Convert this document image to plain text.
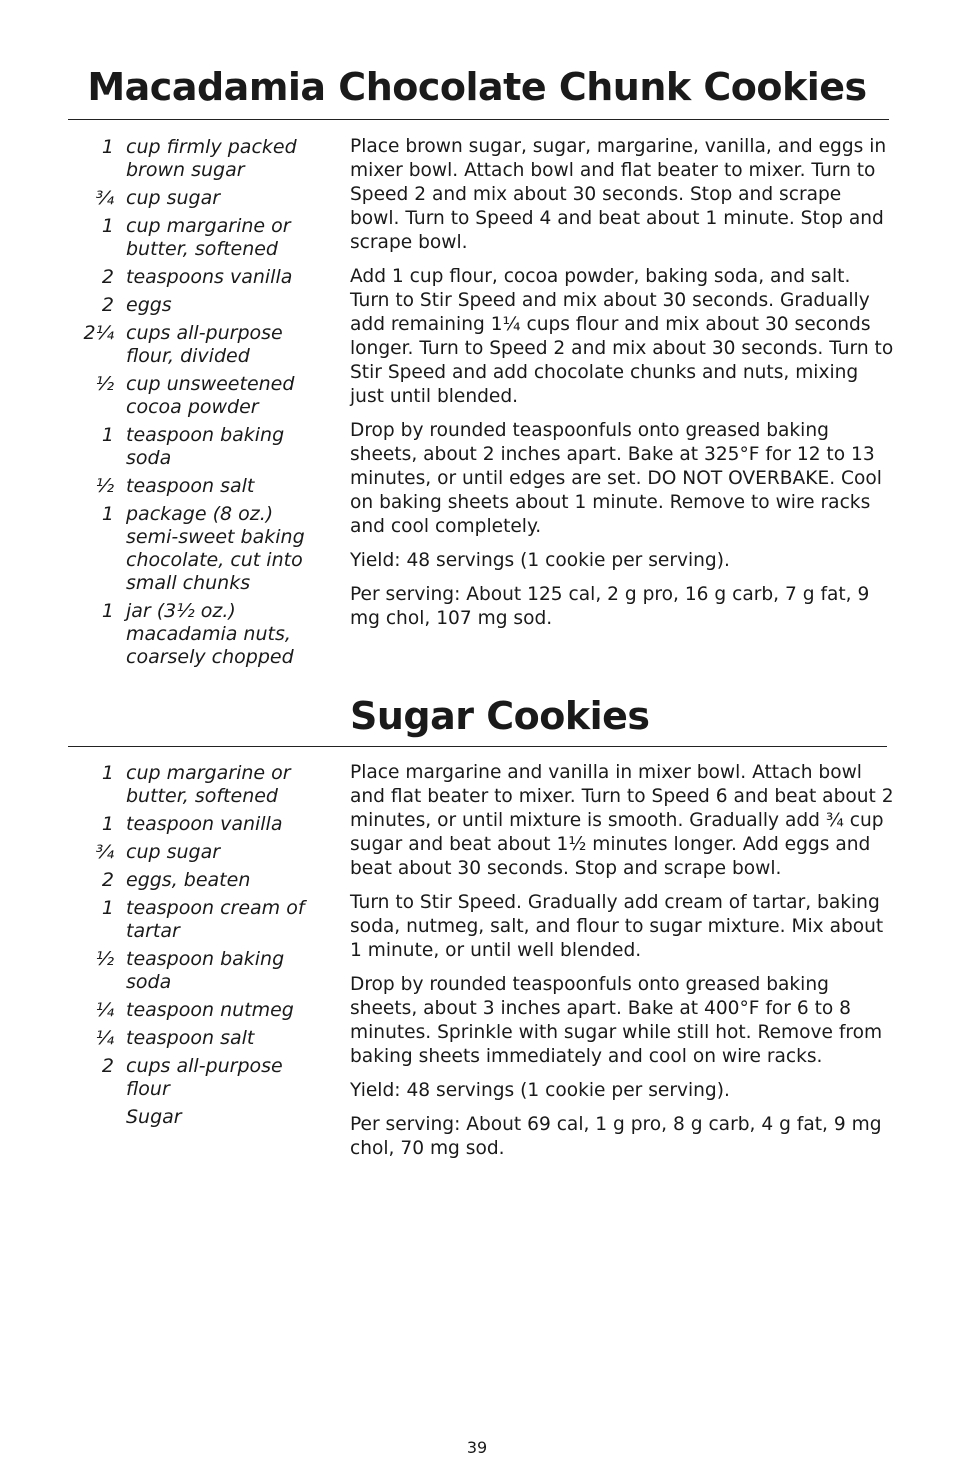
Macadamia Chocolate Chunk Cookies
1 cup firmly packed brown sugar
¾ cup sugar
1 cup margarine or butter, softened
2 teaspoons vanilla
2 eggs
2¼ cups all-purpose flour, divided
½ cup unsweetened cocoa powder
1 teaspoon baking soda
½ teaspoon salt
1 package (8 oz.) semi-sweet baking chocolate, cut into small chunks
1 jar (3½ oz.) macadamia nuts, coarsely chopped

Place brown sugar, sugar, margarine, vanilla, and eggs in mixer bowl. Attach bowl and flat beater to mixer. Turn to Speed 2 and mix about 30 seconds. Stop and scrape bowl. Turn to Speed 4 and beat about 1 minute. Stop and scrape bowl.

Add 1 cup flour, cocoa powder, baking soda, and salt. Turn to Stir Speed and mix about 30 seconds. Gradually add remaining 1¼ cups flour and mix about 30 seconds longer. Turn to Speed 2 and mix about 30 seconds. Turn to Stir Speed and add chocolate chunks and nuts, mixing just until blended.

Drop by rounded teaspoonfuls onto greased baking sheets, about 2 inches apart. Bake at 325°F for 12 to 13 minutes, or until edges are set. DO NOT OVERBAKE. Cool on baking sheets about 1 minute. Remove to wire racks and cool completely.

Yield: 48 servings (1 cookie per serving).

Per serving: About 125 cal, 2 g pro, 16 g carb, 7 g fat, 9 mg chol, 107 mg sod.

Sugar Cookies
1 cup margarine or butter, softened
1 teaspoon vanilla
¾ cup sugar
2 eggs, beaten
1 teaspoon cream of tartar
½ teaspoon baking soda
¼ teaspoon nutmeg
¼ teaspoon salt
2 cups all-purpose flour
Sugar

Place margarine and vanilla in mixer bowl. Attach bowl and flat beater to mixer. Turn to Speed 6 and beat about 2 minutes, or until mixture is smooth. Gradually add ¾ cup sugar and beat about 1½ minutes longer. Add eggs and beat about 30 seconds. Stop and scrape bowl.

Turn to Stir Speed. Gradually add cream of tartar, baking soda, nutmeg, salt, and flour to sugar mixture. Mix about 1 minute, or until well blended.

Drop by rounded teaspoonfuls onto greased baking sheets, about 3 inches apart. Bake at 400°F for 6 to 8 minutes. Sprinkle with sugar while still hot. Remove from baking sheets immediately and cool on wire racks.

Yield: 48 servings (1 cookie per serving).

Per serving: About 69 cal, 1 g pro, 8 g carb, 4 g fat, 9 mg chol, 70 mg sod.

39
